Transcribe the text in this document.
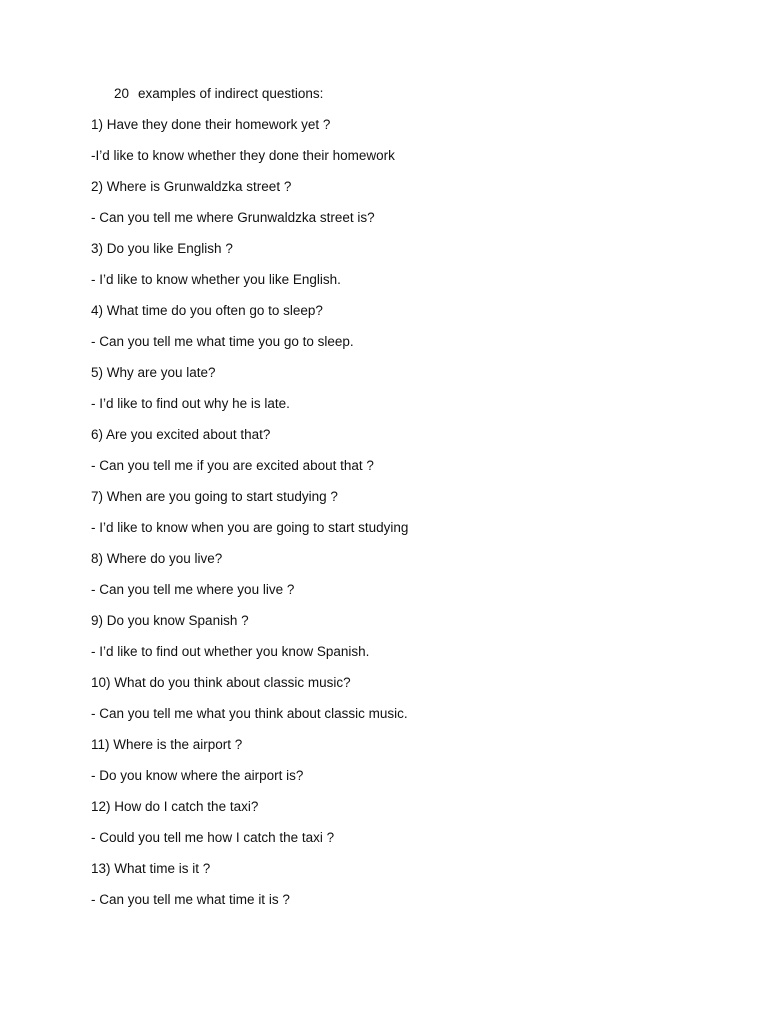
20 examples of indirect questions:
1) Have they done their homework yet ?
-I’d like to know whether they done their homework
2) Where is Grunwaldzka street ?
- Can you tell me where Grunwaldzka street is?
3) Do you like English ?
- I’d like to know whether you like English.
4) What time do you often go to sleep?
- Can you tell me what time you go to sleep.
5) Why are you late?
- I’d like to find out why he is late.
6) Are you excited about that?
- Can you tell me if you are excited about that ?
7) When are you going to start studying ?
- I’d like to know when you are going to start studying
8) Where do you live?
- Can you tell me where you live ?
9) Do you know Spanish ?
- I’d like to find out whether you know Spanish.
10) What do you think about classic music?
- Can you tell me what you think about classic music.
11) Where is the airport ?
- Do you know where the airport is?
12) How do I catch the taxi?
- Could you tell me how I catch the taxi ?
13) What time is it ?
- Can you tell me what time it is ?
